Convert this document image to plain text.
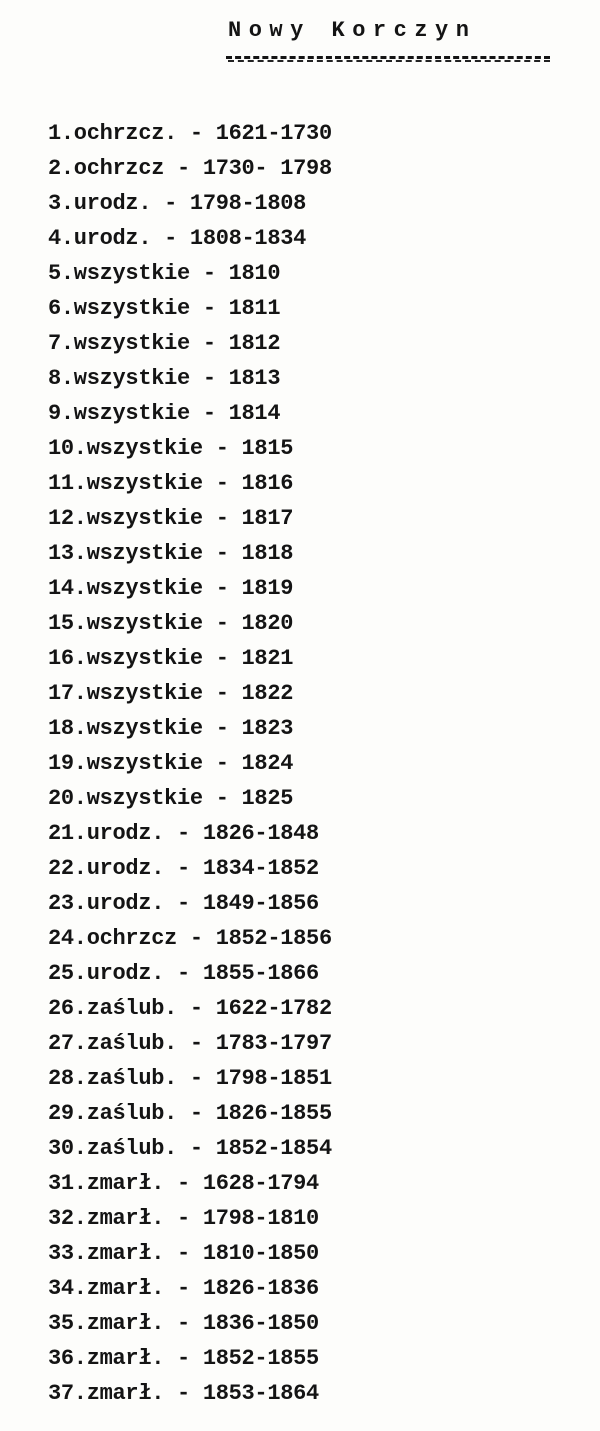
Nowy Korczyn
1.ochrzcz. - 1621-1730
2.ochrzcz - 1730- 1798
3.urodz. - 1798-1808
4.urodz. - 1808-1834
5.wszystkie - 1810
6.wszystkie - 1811
7.wszystkie - 1812
8.wszystkie - 1813
9.wszystkie - 1814
10.wszystkie - 1815
11.wszystkie - 1816
12.wszystkie - 1817
13.wszystkie - 1818
14.wszystkie - 1819
15.wszystkie - 1820
16.wszystkie - 1821
17.wszystkie - 1822
18.wszystkie - 1823
19.wszystkie - 1824
20.wszystkie - 1825
21.urodz. - 1826-1848
22.urodz. - 1834-1852
23.urodz. - 1849-1856
24.ochrzcz - 1852-1856
25.urodz. - 1855-1866
26.zaślub. - 1622-1782
27.zaślub. - 1783-1797
28.zaślub. - 1798-1851
29.zaślub. - 1826-1855
30.zaślub. - 1852-1854
31.zmarł. - 1628-1794
32.zmarł. - 1798-1810
33.zmarł. - 1810-1850
34.zmarł. - 1826-1836
35.zmarł. - 1836-1850
36.zmarł. - 1852-1855
37.zmarł. - 1853-1864
